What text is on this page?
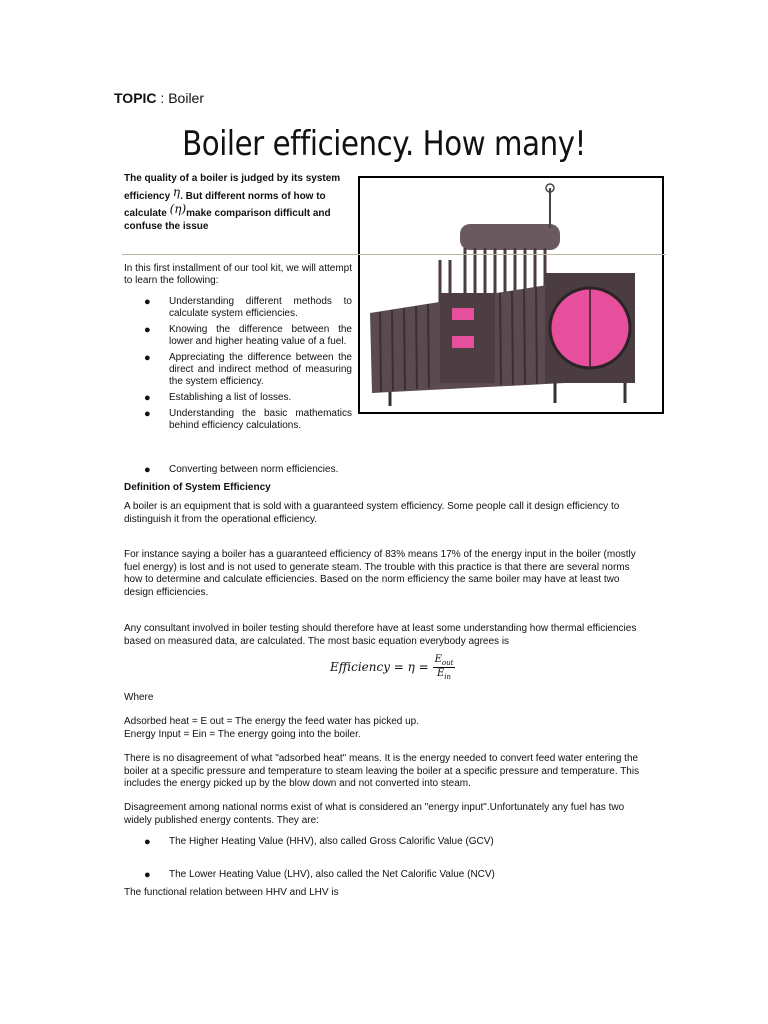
TOPIC : Boiler
Boiler efficiency. How many!
The quality of a boiler is judged by its system
efficiency η. But different norms of how to
calculate (η)make comparison difficult and confuse the issue
In this first installment of our tool kit, we will attempt to learn the following:
● Understanding different methods to calculate system efficiencies.
● Knowing the difference between the lower and higher heating value of a fuel.
● Appreciating the difference between the direct and indirect method of measuring the system efficiency.
● Establishing a list of losses.
● Understanding the basic mathematics behind efficiency calculations.
● Converting between norm efficiencies.
Definition of System Efficiency
A boiler is an equipment that is sold with a guaranteed system efficiency. Some people call it design efficiency to distinguish it from the operational efficiency.
For instance saying a boiler has a guaranteed efficiency of 83% means 17% of the energy input in the boiler (mostly fuel energy) is lost and is not used to generate steam. The trouble with this practice is that there are several norms how to determine and calculate efficiencies. Based on the norm efficiency the same boiler may have at least two design efficiencies.
Any consultant involved in boiler testing should therefore have at least some understanding how thermal efficiencies based on measured data, are calculated. The most basic equation everybody agrees is
Efficiency = $\eta = \frac{E_{out}}{E_{in}}$
Where
Adsorbed heat = E out = The energy the feed water has picked up.
Energy Input = Ein = The energy going into the boiler.
There is no disagreement of what "adsorbed heat" means. It is the energy needed to convert feed water entering the boiler at a specific pressure and temperature to steam leaving the boiler at a specific pressure and temperature. This includes the energy picked up by the blow down and not converted into steam.
Disagreement among national norms exist of what is considered an "energy input".Unfortunately any fuel has two widely published energy contents. They are:
● The Higher Heating Value (HHV), also called Gross Calorific Value (GCV)
● The Lower Heating Value (LHV), also called the Net Calorific Value (NCV)
The functional relation between HHV and LHV is
